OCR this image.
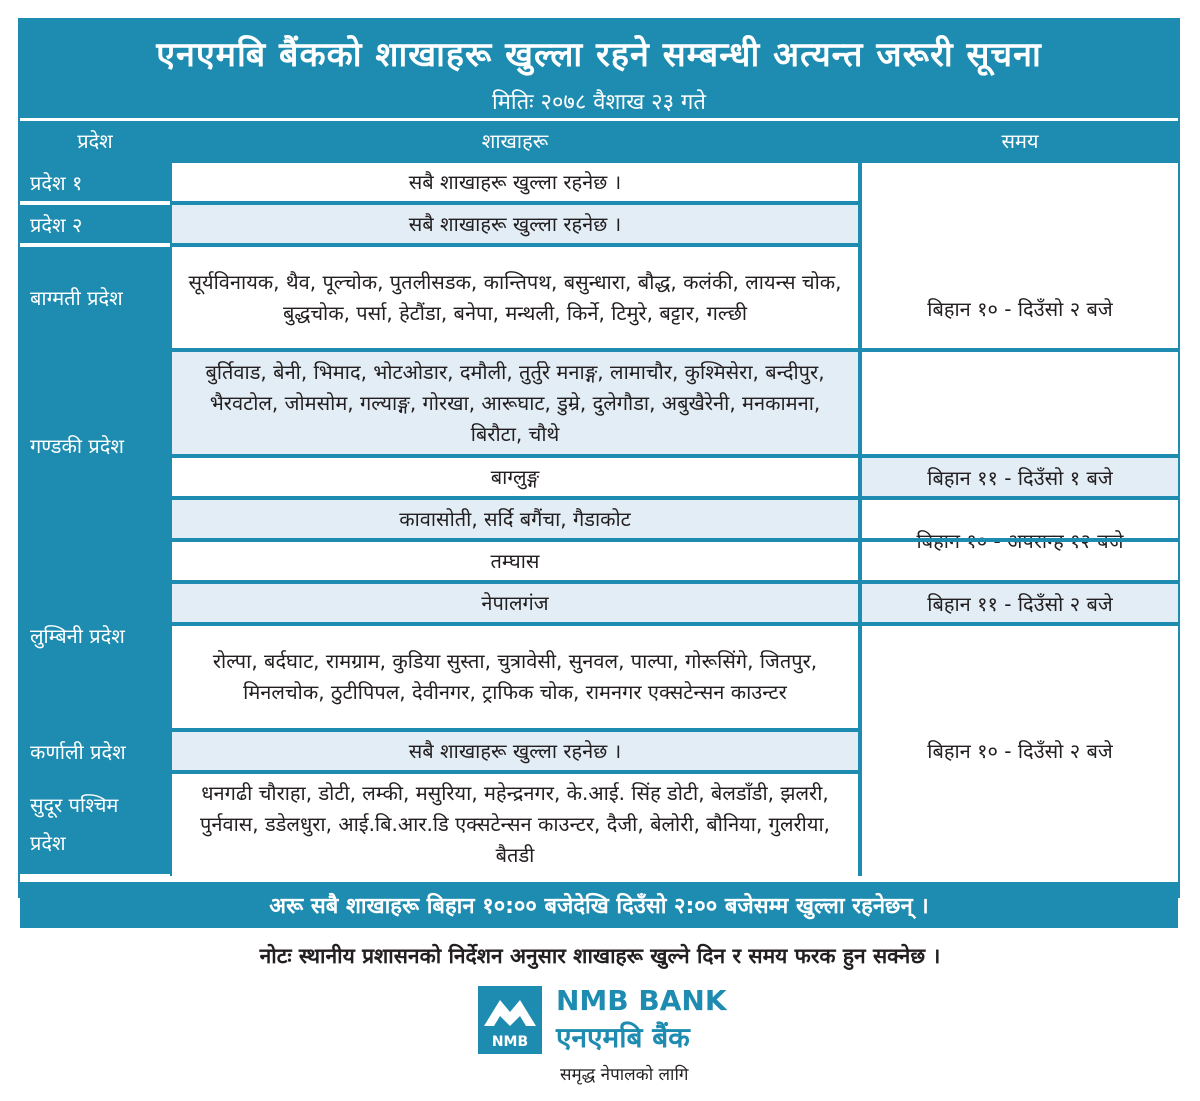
एनएमबि बैंकको शाखाहरू खुल्ला रहने सम्बन्धी अत्यन्त जरूरी सूचना
मितिः २०७८ वैशाख २३ गते
प्रदेश	शाखाहरू	समय
प्रदेश १
प्रदेश २
बाग्मती प्रदेश
गण्डकी प्रदेश
लुम्बिनी प्रदेश
कर्णाली प्रदेश
सुदूर पश्चिम प्रदेश
सबै शाखाहरू खुल्ला रहनेछ ।
सबै शाखाहरू खुल्ला रहनेछ ।
सूर्यविनायक, थैव, पूल्चोक, पुतलीसडक, कान्तिपथ, बसुन्धारा, बौद्ध, कलंकी, लायन्स चोक, बुद्धचोक, पर्सा, हेटौंडा, बनेपा, मन्थली, किर्ने, टिमुरे, बट्टार, गल्छी
बुर्तिवाड, बेनी, भिमाद, भोटओडार, दमौली, तुर्तुरे मनाङ्ग, लामाचौर, कुश्मिसेरा, बन्दीपुर, भैरवटोल, जोमसोम, गल्याङ्ग, गोरखा, आरूघाट, डुम्रे, दुलेगौडा, अबुखैरेनी, मनकामना, बिरौटा, चौथे
बाग्लुङ्ग
कावासोती, सर्दि बगैंचा, गैडाकोट
तम्घास
नेपालगंज
रोल्पा, बर्दघाट, रामग्राम, कुडिया सुस्ता, चुत्रावेसी, सुनवल, पाल्पा, गोरूसिंगे, जितपुर, मिनलचोक, ठुटीपिपल, देवीनगर, ट्राफिक चोक, रामनगर एक्सटेन्सन काउन्टर
सबै शाखाहरू खुल्ला रहनेछ ।
धनगढी चौराहा, डोटी, लम्की, मसुरिया, महेन्द्रनगर, के.आई. सिंह डोटी, बेलडाँडी, झलरी, पुर्नवास, डडेलधुरा, आई.बि.आर.डि एक्सटेन्सन काउन्टर, दैजी, बेलोरी, बौनिया, गुलरीया, बैतडी
बिहान १० - दिउँसो २ बजे
बिहान ११ - दिउँसो १ बजे
बिहान ११ - दिउँसो २ बजे
बिहान १० - दिउँसो २ बजे
अरू सबै शाखाहरू बिहान १०:०० बजेदेखि दिउँसो २:०० बजेसम्म खुल्ला रहनेछन् ।
नोटः स्थानीय प्रशासनको निर्देशन अनुसार शाखाहरू खुल्ने दिन र समय फरक हुन सक्नेछ ।
NMB
NMB BANK
एनएमबि बैंक
समृद्ध नेपालको लागि
